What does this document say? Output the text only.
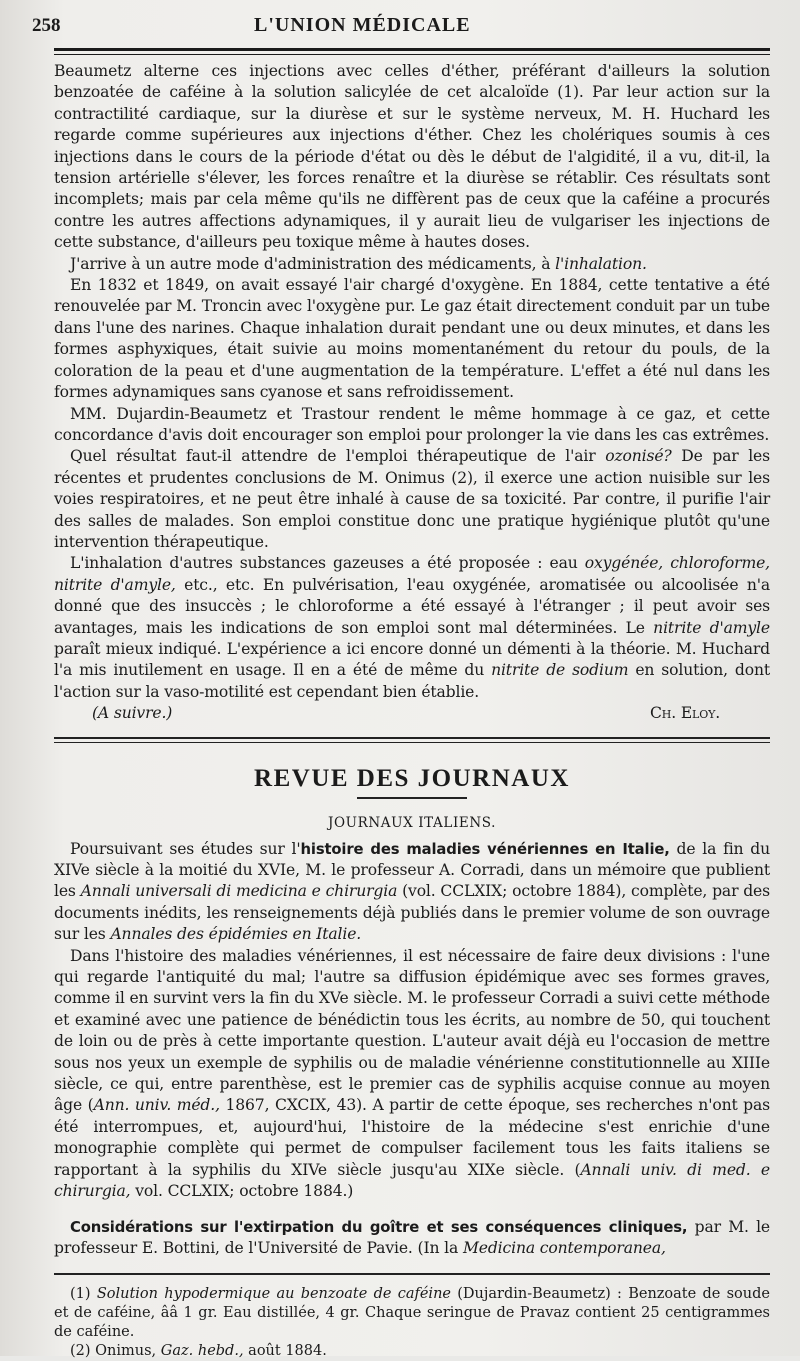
258	L'UNION MÉDICALE

Beaumetz alterne ces injections avec celles d'éther, préférant d'ailleurs la solution benzoatée de caféine à la solution salicylée de cet alcaloïde (1). Par leur action sur la contractilité cardiaque, sur la diurèse et sur le système nerveux, M. H. Huchard les regarde comme supérieures aux injections d'éther. Chez les cholériques soumis à ces injections dans le cours de la période d'état ou dès le début de l'algidité, il a vu, dit-il, la tension artérielle s'élever, les forces renaître et la diurèse se rétablir. Ces résultats sont incomplets; mais par cela même qu'ils ne diffèrent pas de ceux que la caféine a procurés contre les autres affections adynamiques, il y aurait lieu de vulgariser les injections de cette substance, d'ailleurs peu toxique même à hautes doses.

J'arrive à un autre mode d'administration des médicaments, à l'inhalation.

En 1832 et 1849, on avait essayé l'air chargé d'oxygène. En 1884, cette tentative a été renouvelée par M. Troncin avec l'oxygène pur. Le gaz était directement conduit par un tube dans l'une des narines. Chaque inhalation durait pendant une ou deux minutes, et dans les formes asphyxiques, était suivie au moins momentanément du retour du pouls, de la coloration de la peau et d'une augmentation de la température. L'effet a été nul dans les formes adynamiques sans cyanose et sans refroidissement.

MM. Dujardin-Beaumetz et Trastour rendent le même hommage à ce gaz, et cette concordance d'avis doit encourager son emploi pour prolonger la vie dans les cas extrêmes.

Quel résultat faut-il attendre de l'emploi thérapeutique de l'air ozonisé? De par les récentes et prudentes conclusions de M. Onimus (2), il exerce une action nuisible sur les voies respiratoires, et ne peut être inhalé à cause de sa toxicité. Par contre, il purifie l'air des salles de malades. Son emploi constitue donc une pratique hygiénique plutôt qu'une intervention thérapeutique.

L'inhalation d'autres substances gazeuses a été proposée : eau oxygénée, chloroforme, nitrite d'amyle, etc., etc. En pulvérisation, l'eau oxygénée, aromatisée ou alcoolisée n'a donné que des insuccès ; le chloroforme a été essayé à l'étranger ; il peut avoir ses avantages, mais les indications de son emploi sont mal déterminées. Le nitrite d'amyle paraît mieux indiqué. L'expérience a ici encore donné un démenti à la théorie. M. Huchard l'a mis inutilement en usage. Il en a été de même du nitrite de sodium en solution, dont l'action sur la vaso-motilité est cependant bien établie.

(A suivre.)	Ch. Eloy.
REVUE DES JOURNAUX
JOURNAUX ITALIENS.

Poursuivant ses études sur l'histoire des maladies vénériennes en Italie, de la fin du XIVe siècle à la moitié du XVIe, M. le professeur A. Corradi, dans un mémoire que publient les Annali universali di medicina e chirurgia (vol. CCLXIX; octobre 1884), complète, par des documents inédits, les renseignements déjà publiés dans le premier volume de son ouvrage sur les Annales des épidémies en Italie.

Dans l'histoire des maladies vénériennes, il est nécessaire de faire deux divisions : l'une qui regarde l'antiquité du mal; l'autre sa diffusion épidémique avec ses formes graves, comme il en survint vers la fin du XVe siècle. M. le professeur Corradi a suivi cette méthode et examiné avec une patience de bénédictin tous les écrits, au nombre de 50, qui touchent de loin ou de près à cette importante question. L'auteur avait déjà eu l'occasion de mettre sous nos yeux un exemple de syphilis ou de maladie vénérienne constitutionnelle au XIIIe siècle, ce qui, entre parenthèse, est le premier cas de syphilis acquise connue au moyen âge (Ann. univ. méd., 1867, CXCIX, 43). A partir de cette époque, ses recherches n'ont pas été interrompues, et, aujourd'hui, l'histoire de la médecine s'est enrichie d'une monographie complète qui permet de compulser facilement tous les faits italiens se rapportant à la syphilis du XIVe siècle jusqu'au XIXe siècle. (Annali univ. di med. e chirurgia, vol. CCLXIX; octobre 1884.)

Considérations sur l'extirpation du goître et ses conséquences cliniques, par M. le professeur E. Bottini, de l'Université de Pavie. (In la Medicina contemporanea,

(1) Solution hypodermique au benzoate de caféine (Dujardin-Beaumetz) : Benzoate de soude et de caféine, ââ 1 gr. Eau distillée, 4 gr. Chaque seringue de Pravaz contient 25 centigrammes de caféine.

(2) Onimus, Gaz. hebd., août 1884.
